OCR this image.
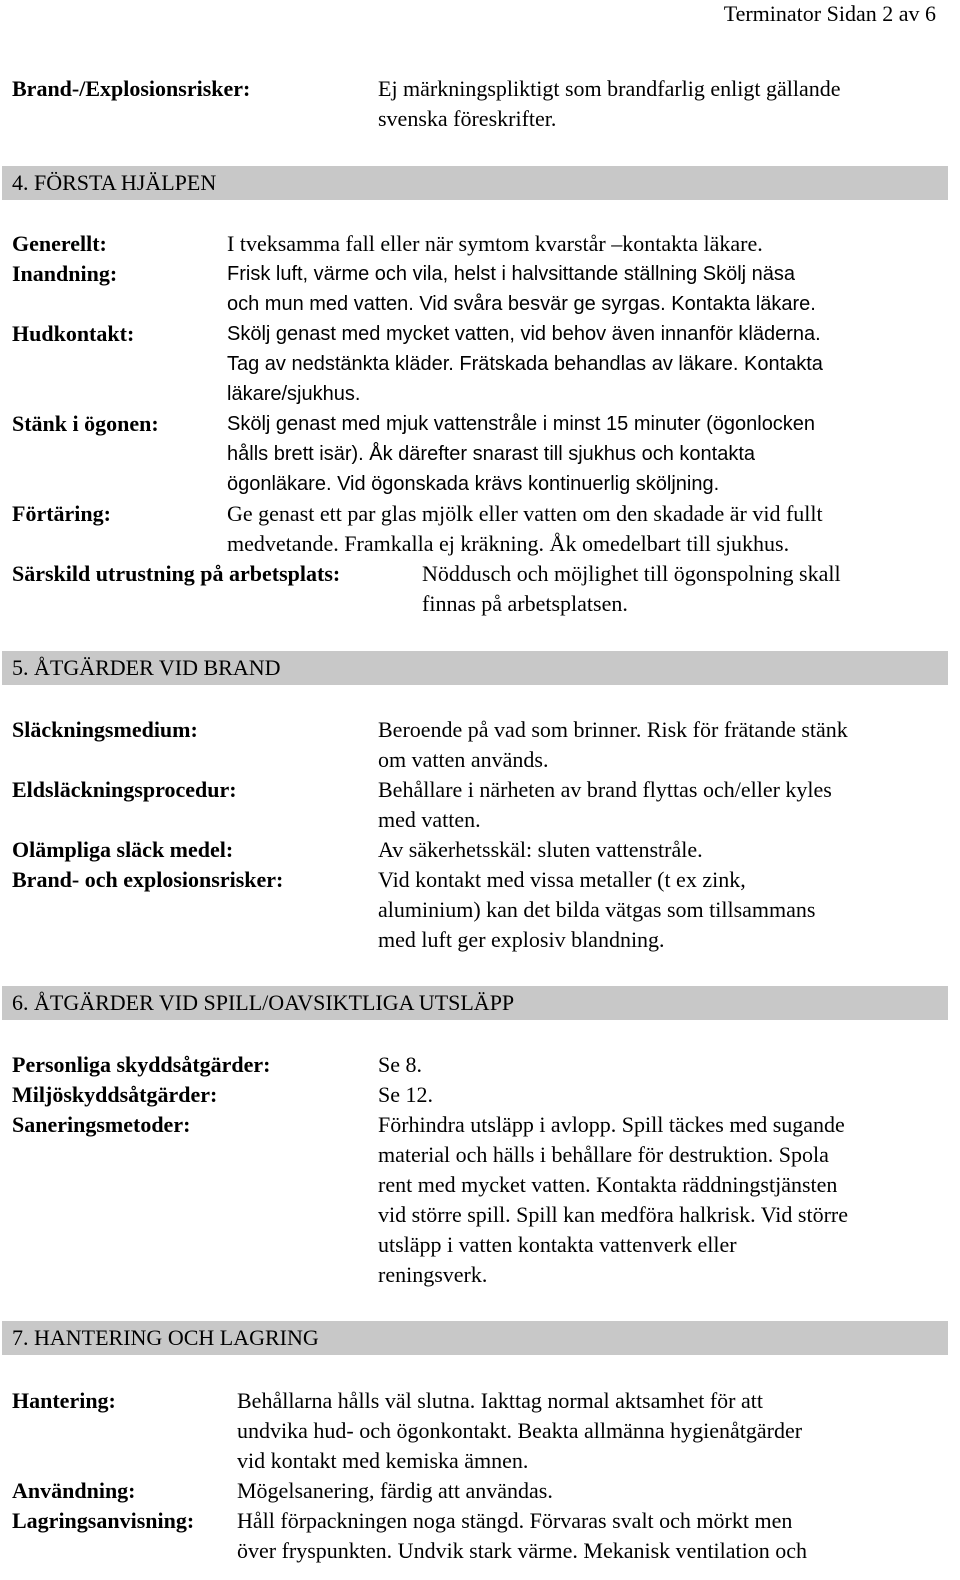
Terminator Sidan 2 av 6
Brand-/Explosionsrisker:	Ej märkningspliktigt som brandfarlig enligt gällande
svenska föreskrifter.
4. FÖRSTA HJÄLPEN
Generellt:	I tveksamma fall eller när symtom kvarstår –kontakta läkare.
Inandning:	Frisk luft, värme och vila, helst i halvsittande ställning Skölj näsa
och mun med vatten. Vid svåra besvär ge syrgas. Kontakta läkare.
Hudkontakt:	Skölj genast med mycket vatten, vid behov även innanför kläderna.
Tag av nedstänkta kläder. Frätskada behandlas av läkare. Kontakta
läkare/sjukhus.
Stänk i ögonen:	Skölj genast med mjuk vattenstråle i minst 15 minuter (ögonlocken
hålls brett isär). Åk därefter snarast till sjukhus och kontakta
ögonläkare. Vid ögonskada krävs kontinuerlig sköljning.
Förtäring:	Ge genast ett par glas mjölk eller vatten om den skadade är vid fullt
medvetande. Framkalla ej kräkning. Åk omedelbart till sjukhus.
Särskild utrustning på arbetsplats:	Nöddusch och möjlighet till ögonspolning skall
finnas på arbetsplatsen.
5. ÅTGÄRDER VID BRAND
Släckningsmedium:	Beroende på vad som brinner. Risk för frätande stänk
om vatten används.
Eldsläckningsprocedur:	Behållare i närheten av brand flyttas och/eller kyles
med vatten.
Olämpliga släck medel:	Av säkerhetsskäl: sluten vattenstråle.
Brand- och explosionsrisker:	Vid kontakt med vissa metaller (t ex zink,
aluminium) kan det bilda vätgas som tillsammans
med luft ger explosiv blandning.
6. ÅTGÄRDER VID SPILL/OAVSIKTLIGA UTSLÄPP
Personliga skyddsåtgärder:	Se 8.
Miljöskyddsåtgärder:	Se 12.
Saneringsmetoder:	Förhindra utsläpp i avlopp. Spill täckes med sugande
material och hälls i behållare för destruktion. Spola
rent med mycket vatten. Kontakta räddningstjänsten
vid större spill. Spill kan medföra halkrisk. Vid större
utsläpp i vatten kontakta vattenverk eller
reningsverk.
7. HANTERING OCH LAGRING
Hantering:	Behållarna hålls väl slutna. Iakttag normal aktsamhet för att
undvika hud- och ögonkontakt. Beakta allmänna hygienåtgärder
vid kontakt med kemiska ämnen.
Användning:	Mögelsanering, färdig att användas.
Lagringsanvisning: Håll förpackningen noga stängd. Förvaras svalt och mörkt men
över fryspunkten. Undvik stark värme. Mekanisk ventilation och
